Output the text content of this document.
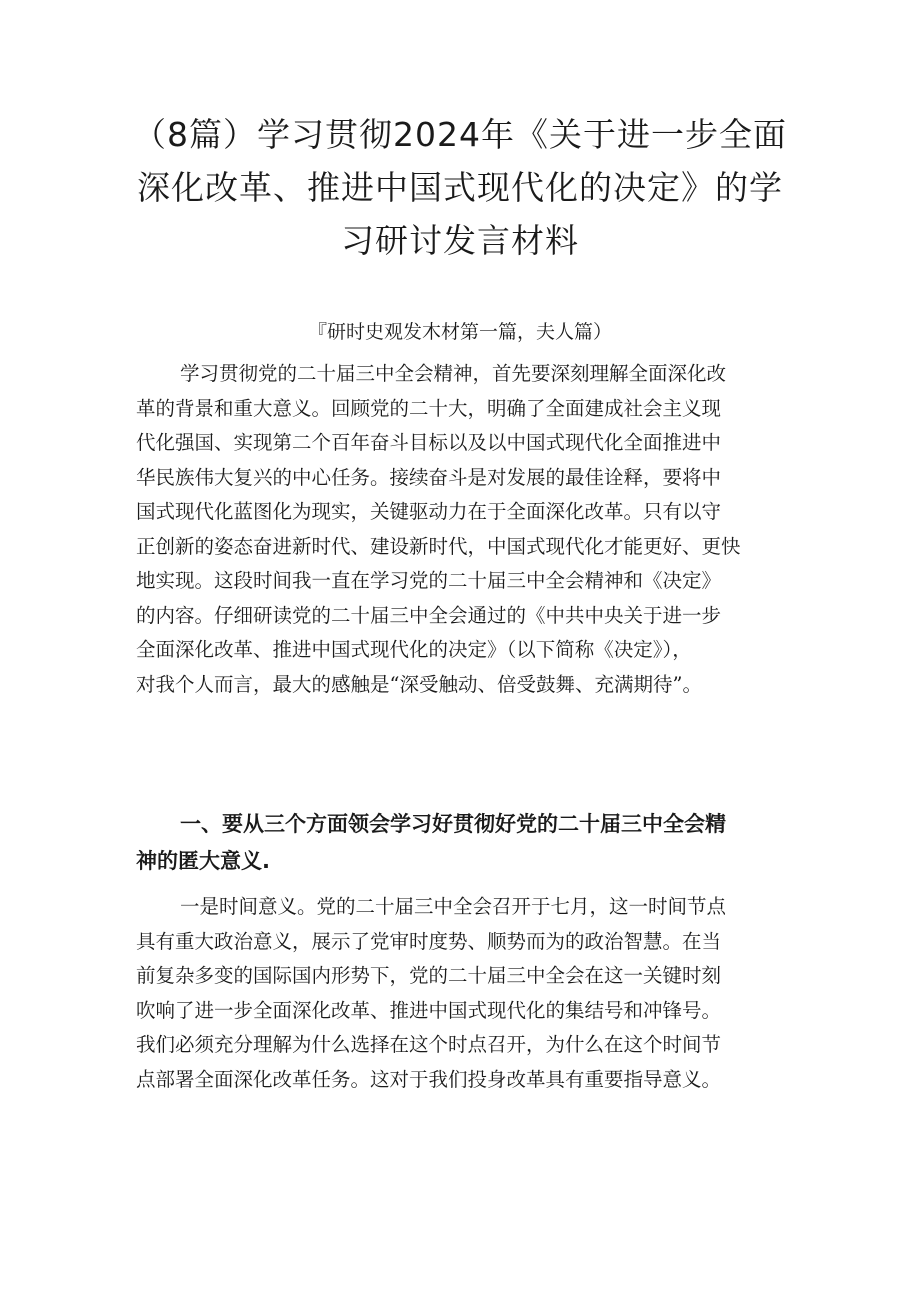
（8篇）学习贯彻2024年《关于进一步全面
深化改革、推进中国式现代化的决定》的学
习研讨发言材料
『研时史观发木材第一篇，夫人篇）
学习贯彻党的二十届三中全会精神，首先要深刻理解全面深化改
革的背景和重大意义。回顾党的二十大，明确了全面建成社会主义现
代化强国、实现第二个百年奋斗目标以及以中国式现代化全面推进中
华民族伟大复兴的中心任务。接续奋斗是对发展的最佳诠释，要将中
国式现代化蓝图化为现实，关键驱动力在于全面深化改革。只有以守
正创新的姿态奋进新时代、建设新时代，中国式现代化才能更好、更快
地实现。这段时间我一直在学习党的二十届三中全会精神和《决定》
的内容。仔细研读党的二十届三中全会通过的《中共中央关于进一步
全面深化改革、推进中国式现代化的决定》（以下简称《决定》），
对我个人而言，最大的感触是“深受触动、倍受鼓舞、充满期待”。
一、要从三个方面领会学习好贯彻好党的二十届三中全会精
神的匿大意义.
一是时间意义。党的二十届三中全会召开于七月，这一时间节点
具有重大政治意义，展示了党审时度势、顺势而为的政治智慧。在当
前复杂多变的国际国内形势下，党的二十届三中全会在这一关键时刻
吹响了进一步全面深化改革、推进中国式现代化的集结号和冲锋号。
我们必须充分理解为什么选择在这个时点召开，为什么在这个时间节
点部署全面深化改革任务。这对于我们投身改革具有重要指导意义。
